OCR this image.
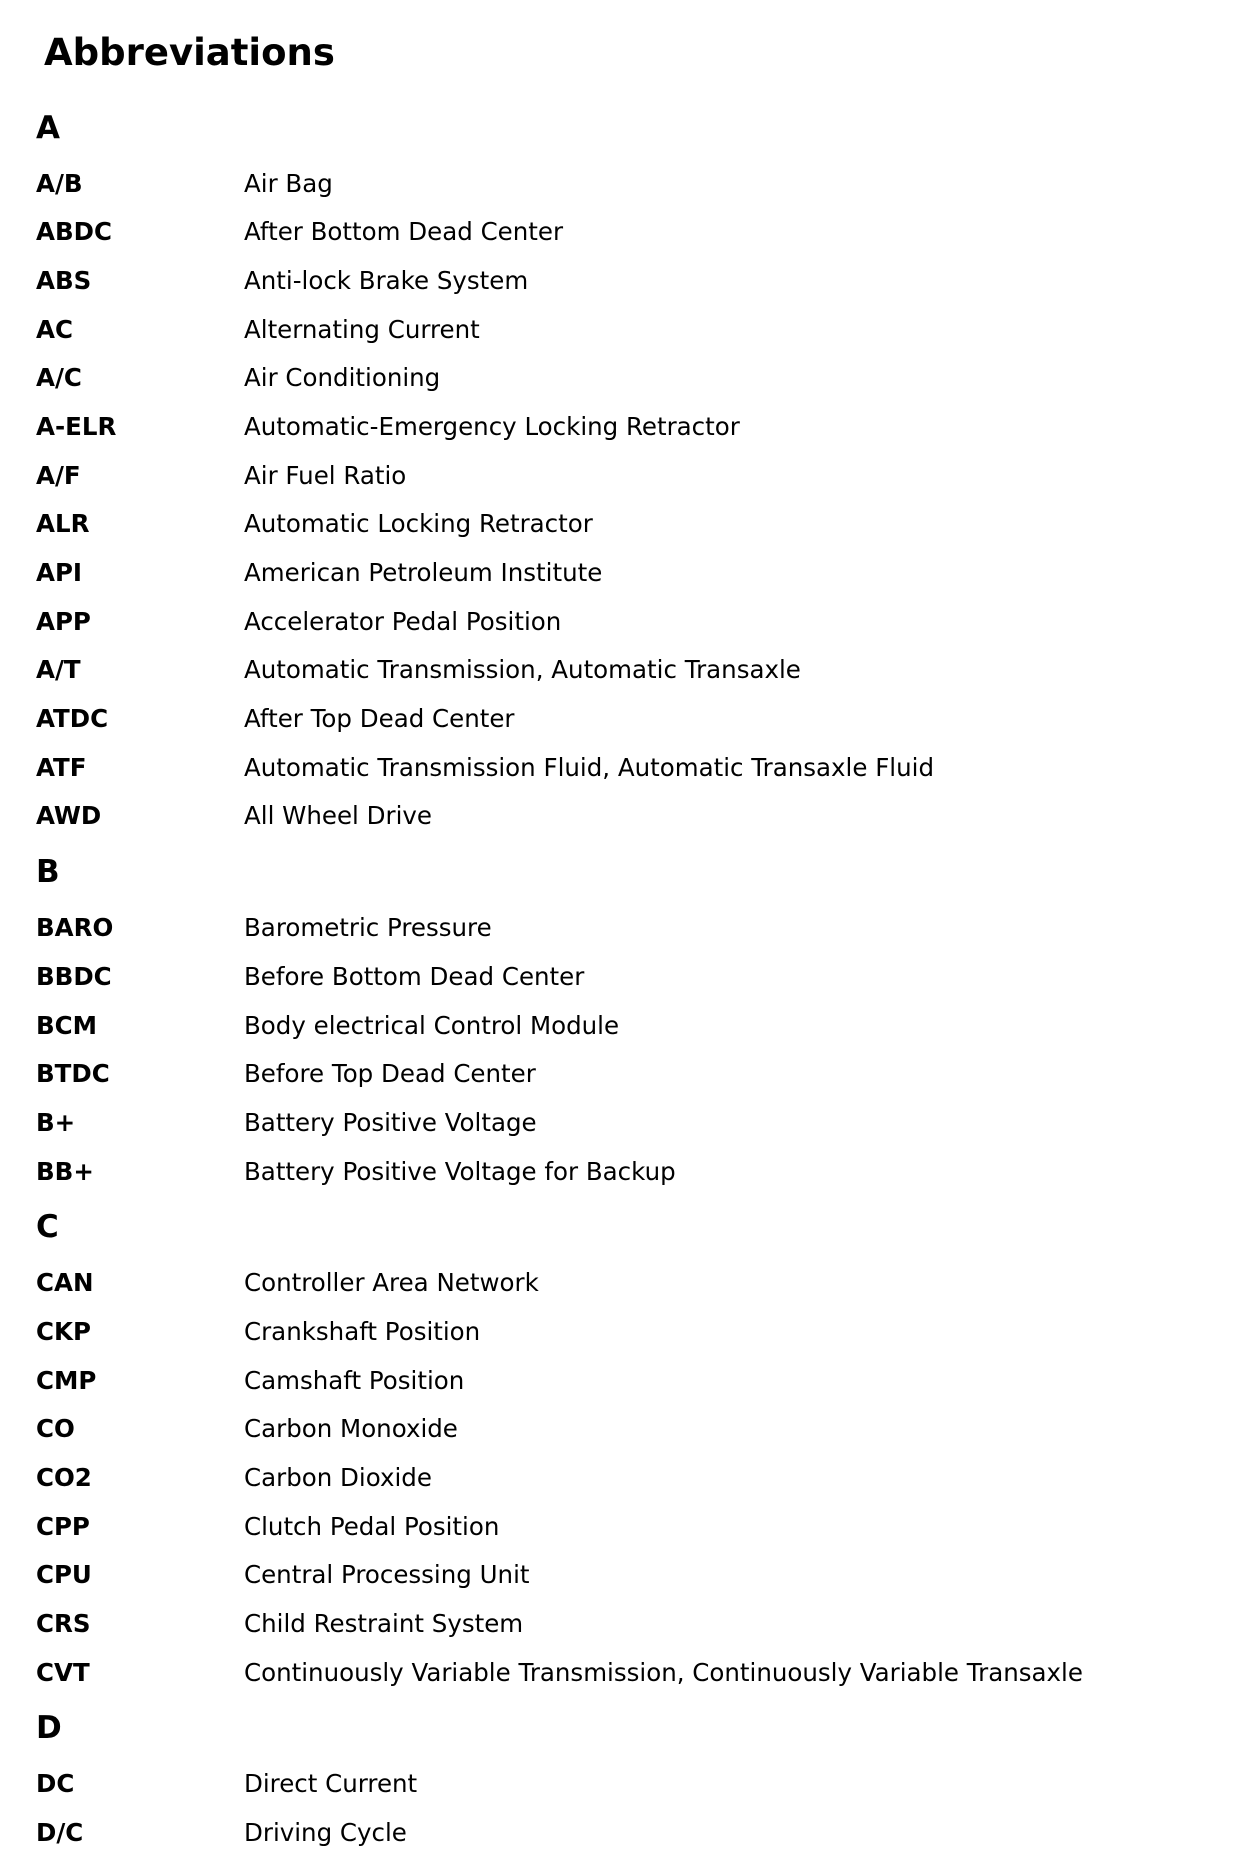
Abbreviations
A
A/B	Air Bag
ABDC	After Bottom Dead Center
ABS	Anti-lock Brake System
AC	Alternating Current
A/C	Air Conditioning
A-ELR	Automatic-Emergency Locking Retractor
A/F	Air Fuel Ratio
ALR	Automatic Locking Retractor
API	American Petroleum Institute
APP	Accelerator Pedal Position
A/T	Automatic Transmission, Automatic Transaxle
ATDC	After Top Dead Center
ATF	Automatic Transmission Fluid, Automatic Transaxle Fluid
AWD	All Wheel Drive
B
BARO	Barometric Pressure
BBDC	Before Bottom Dead Center
BCM	Body electrical Control Module
BTDC	Before Top Dead Center
B+	Battery Positive Voltage
BB+	Battery Positive Voltage for Backup
C
CAN	Controller Area Network
CKP	Crankshaft Position
CMP	Camshaft Position
CO	Carbon Monoxide
CO2	Carbon Dioxide
CPP	Clutch Pedal Position
CPU	Central Processing Unit
CRS	Child Restraint System
CVT	Continuously Variable Transmission, Continuously Variable Transaxle
D
DC	Direct Current
D/C	Driving Cycle
